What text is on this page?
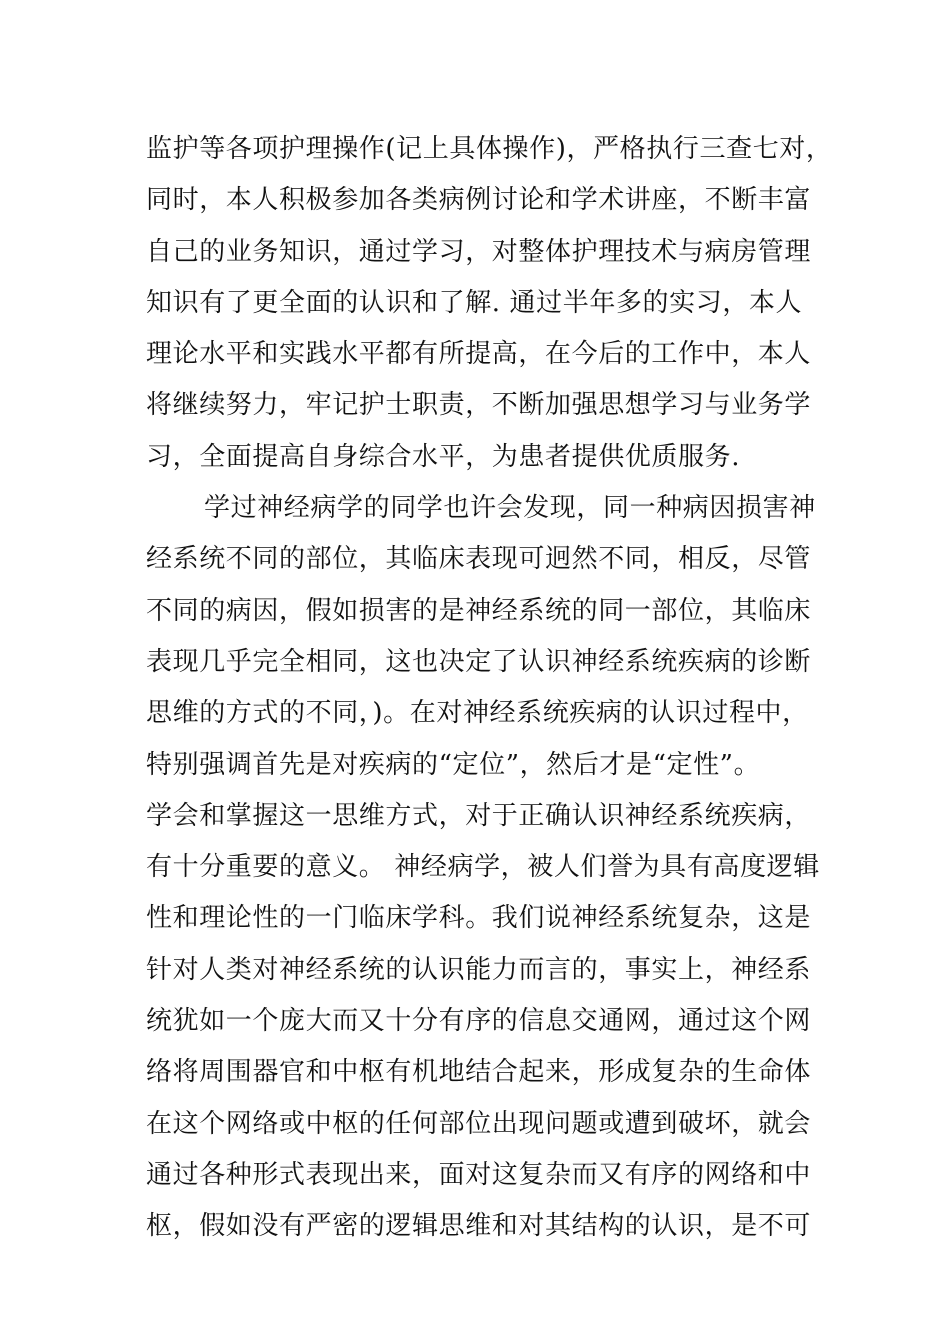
监护等各项护理操作(记上具体操作)，严格执行三查七对，
同时，本人积极参加各类病例讨论和学术讲座，不断丰富
自己的业务知识，通过学习，对整体护理技术与病房管理
知识有了更全面的认识和了解. 通过半年多的实习，本人
理论水平和实践水平都有所提高，在今后的工作中，本人
将继续努力，牢记护士职责，不断加强思想学习与业务学
习，全面提高自身综合水平，为患者提供优质服务.
学过神经病学的同学也许会发现，同一种病因损害神
经系统不同的部位，其临床表现可迥然不同，相反，尽管
不同的病因，假如损害的是神经系统的同一部位，其临床
表现几乎完全相同，这也决定了认识神经系统疾病的诊断
思维的方式的不同，)。在对神经系统疾病的认识过程中，
特别强调首先是对疾病的“定位”，然后才是“定性”。
学会和掌握这一思维方式，对于正确认识神经系统疾病，
有十分重要的意义。 神经病学，被人们誉为具有高度逻辑
性和理论性的一门临床学科。我们说神经系统复杂，这是
针对人类对神经系统的认识能力而言的，事实上，神经系
统犹如一个庞大而又十分有序的信息交通网，通过这个网
络将周围器官和中枢有机地结合起来，形成复杂的生命体
在这个网络或中枢的任何部位出现问题或遭到破坏，就会
通过各种形式表现出来，面对这复杂而又有序的网络和中
枢，假如没有严密的逻辑思维和对其结构的认识，是不可
